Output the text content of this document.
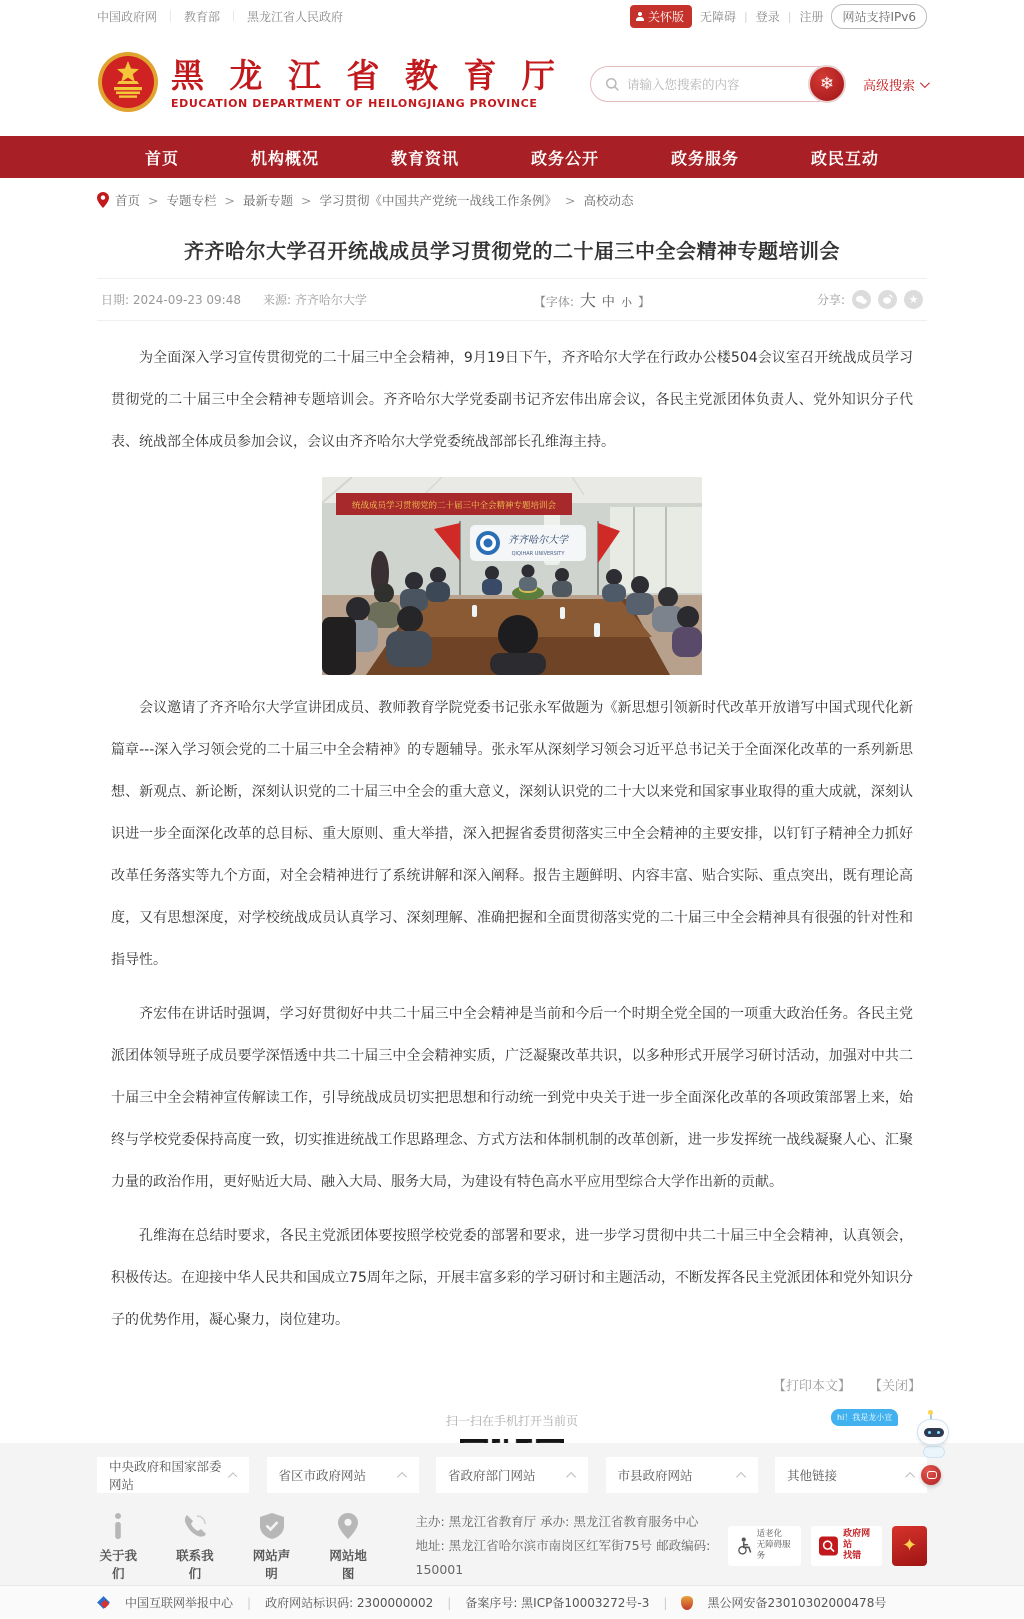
中国政府网 ｜ 教育部 ｜ 黑龙江省人民政府	关怀版 无障碍 | 登录 | 注册	网站支持IPv6
黑 龙 江 省 教 育 厅
EDUCATION DEPARTMENT OF HEILONGJIANG PROVINCE
请输入您搜索的内容
❄ 高级搜索
首页	机构概况	教育资讯	政务公开	政务服务	政民互动
首页 > 专题专栏 > 最新专题 > 学习贯彻《中国共产党统一战线工作条例》 > 高校动态
齐齐哈尔大学召开统战成员学习贯彻党的二十届三中全会精神专题培训会
日期: 2024-09-23 09:48 来源: 齐齐哈尔大学	【字体: 大 中 小 】	分享:	★

为全面深入学习宣传贯彻党的二十届三中全会精神，9月19日下午，齐齐哈尔大学在行政办公楼504会议室召开统战成员学习贯彻党的二十届三中全会精神专题培训会。齐齐哈尔大学党委副书记齐宏伟出席会议，各民主党派团体负责人、党外知识分子代表、统战部全体成员参加会议，会议由齐齐哈尔大学党委统战部部长孔维海主持。

统战成员学习贯彻党的二十届三中全会精神专题培训会
齐齐哈尔大学
QIQIHAR UNIVERSITY

会议邀请了齐齐哈尔大学宣讲团成员、教师教育学院党委书记张永军做题为《新思想引领新时代改革开放谱写中国式现代化新篇章---深入学习领会党的二十届三中全会精神》的专题辅导。张永军从深刻学习领会习近平总书记关于全面深化改革的一系列新思想、新观点、新论断，深刻认识党的二十届三中全会的重大意义，深刻认识党的二十大以来党和国家事业取得的重大成就，深刻认识进一步全面深化改革的总目标、重大原则、重大举措，深入把握省委贯彻落实三中全会精神的主要安排，以钉钉子精神全力抓好改革任务落实等九个方面，对全会精神进行了系统讲解和深入阐释。报告主题鲜明、内容丰富、贴合实际、重点突出，既有理论高度，又有思想深度，对学校统战成员认真学习、深刻理解、准确把握和全面贯彻落实党的二十届三中全会精神具有很强的针对性和指导性。

齐宏伟在讲话时强调，学习好贯彻好中共二十届三中全会精神是当前和今后一个时期全党全国的一项重大政治任务。各民主党派团体领导班子成员要学深悟透中共二十届三中全会精神实质，广泛凝聚改革共识，以多种形式开展学习研讨活动，加强对中共二十届三中全会精神宣传解读工作，引导统战成员切实把思想和行动统一到党中央关于进一步全面深化改革的各项政策部署上来，始终与学校党委保持高度一致，切实推进统战工作思路理念、方式方法和体制机制的改革创新，进一步发挥统一战线凝聚人心、汇聚力量的政治作用，更好贴近大局、融入大局、服务大局，为建设有特色高水平应用型综合大学作出新的贡献。

孔维海在总结时要求，各民主党派团体要按照学校党委的部署和要求，进一步学习贯彻中共二十届三中全会精神，认真领会，积极传达。在迎接中华人民共和国成立75周年之际，开展丰富多彩的学习研讨和主题活动，不断发挥各民主党派团体和党外知识分子的优势作用，凝心聚力，岗位建功。

【打印本文】 【关闭】
扫一扫在手机打开当前页
中央政府和国家部委网站
省区市政府网站	省政府部门网站	市县政府网站	其他链接
hi！我是龙小宣
关于我们
联系我们
网站声明
网站地图
主办: 黑龙江省教育厅 承办: 黑龙江省教育服务中心
地址: 黑龙江省哈尔滨市南岗区红军街75号 邮政编码: 150001
适老化
无障碍服务
政府网站
找错
✦
中国互联网举报中心 | 政府网站标识码: 2300000002 | 备案序号: 黑ICP备10003272号-3 |	黑公网安备23010302000478号
